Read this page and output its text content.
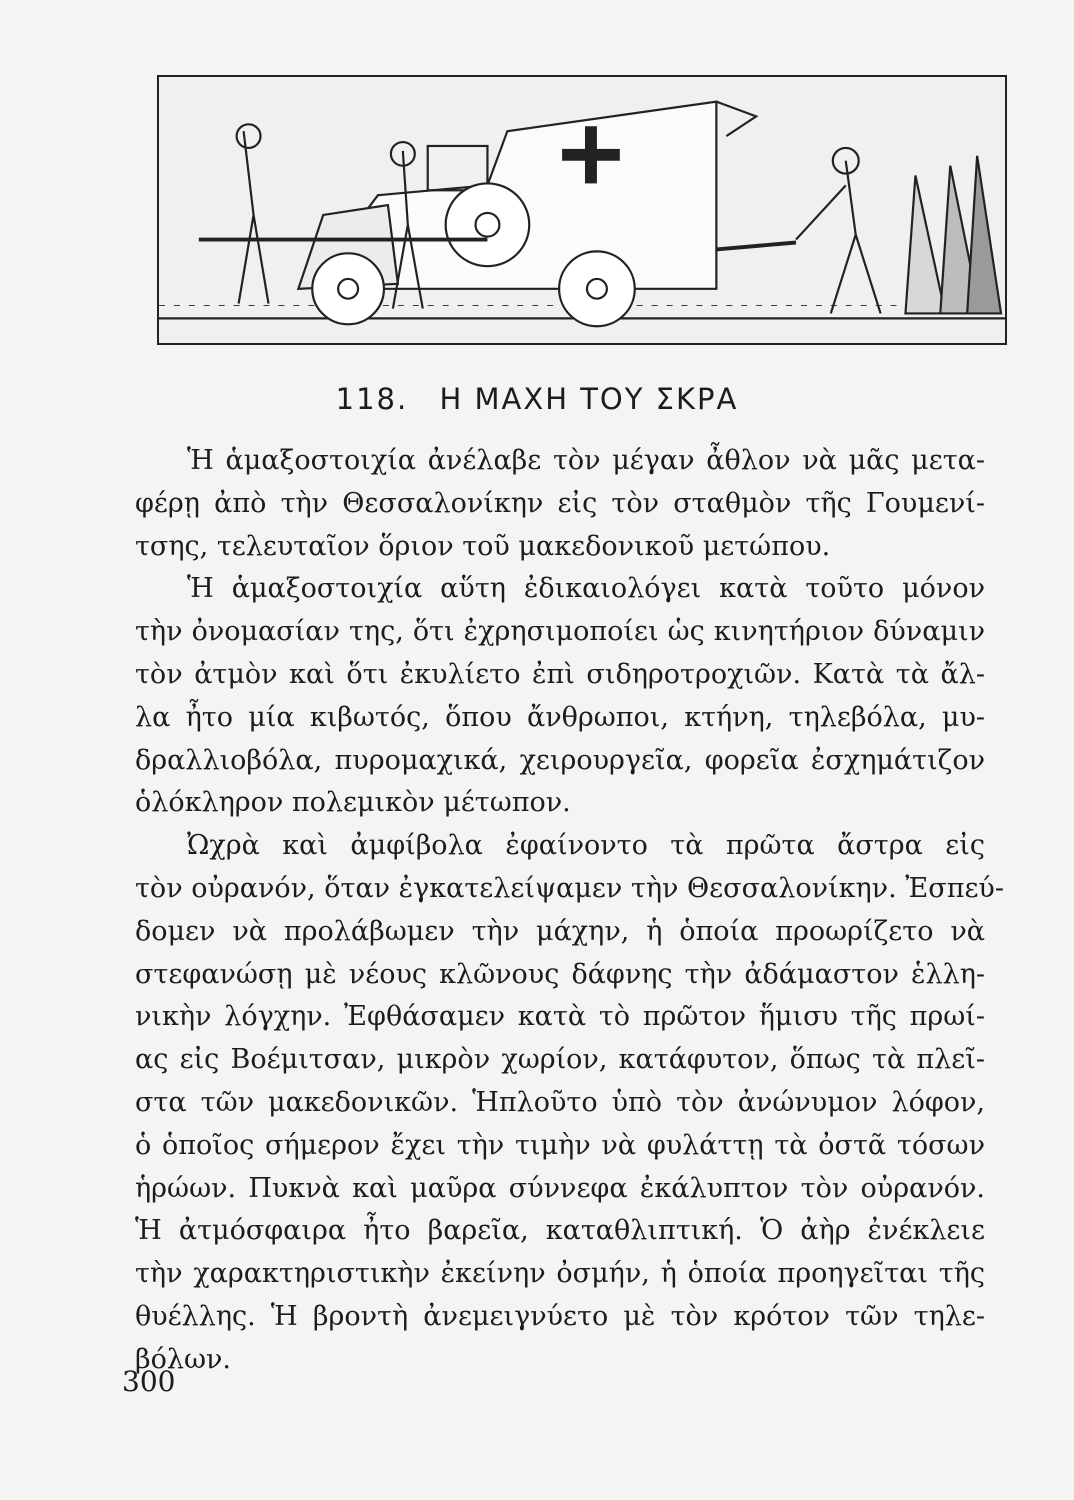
118. Η ΜΑΧΗ ΤΟΥ ΣΚΡΑ

Ἡ ἁμαξοστοιχία ἀνέλαβε τὸν μέγαν ἆθλον νὰ μᾶς μετα-
φέρῃ ἀπὸ τὴν Θεσσαλονίκην εἰς τὸν σταθμὸν τῆς Γουμενί-
τσης, τελευταῖον ὅριον τοῦ μακεδονικοῦ μετώπου.

Ἡ ἁμαξοστοιχία αὕτη ἐδικαιολόγει κατὰ τοῦτο μόνον
τὴν ὀνομασίαν της, ὅτι ἐχρησιμοποίει ὡς κινητήριον δύναμιν
τὸν ἀτμὸν καὶ ὅτι ἐκυλίετο ἐπὶ σιδηροτροχιῶν. Κατὰ τὰ ἄλ-
λα ἦτο μία κιβωτός, ὅπου ἄνθρωποι, κτήνη, τηλεβόλα, μυ-
δραλλιοβόλα, πυρομαχικά, χειρουργεῖα, φορεῖα ἐσχημάτιζον
ὁλόκληρον πολεμικὸν μέτωπον.

Ὠχρὰ καὶ ἀμφίβολα ἐφαίνοντο τὰ πρῶτα ἄστρα εἰς
τὸν οὐρανόν, ὅταν ἐγκατελείψαμεν τὴν Θεσσαλονίκην. Ἐσπεύ-
δομεν νὰ προλάβωμεν τὴν μάχην, ἡ ὁποία προωρίζετο νὰ
στεφανώσῃ μὲ νέους κλῶνους δάφνης τὴν ἀδάμαστον ἑλλη-
νικὴν λόγχην. Ἐφθάσαμεν κατὰ τὸ πρῶτον ἥμισυ τῆς πρωί-
ας εἰς Βοέμιτσαν, μικρὸν χωρίον, κατάφυτον, ὅπως τὰ πλεῖ-
στα τῶν μακεδονικῶν. Ἡπλοῦτο ὑπὸ τὸν ἀνώνυμον λόφον,
ὁ ὁποῖος σήμερον ἔχει τὴν τιμὴν νὰ φυλάττῃ τὰ ὀστᾶ τόσων
ἡρώων. Πυκνὰ καὶ μαῦρα σύννεφα ἐκάλυπτον τὸν οὐρανόν.
Ἡ ἀτμόσφαιρα ἦτο βαρεῖα, καταθλιπτική. Ὁ ἀὴρ ἐνέκλειε
τὴν χαρακτηριστικὴν ἐκείνην ὀσμήν, ἡ ὁποία προηγεῖται τῆς
θυέλλης. Ἡ βροντὴ ἀνεμειγνύετο μὲ τὸν κρότον τῶν τηλε-
βόλων.

300
